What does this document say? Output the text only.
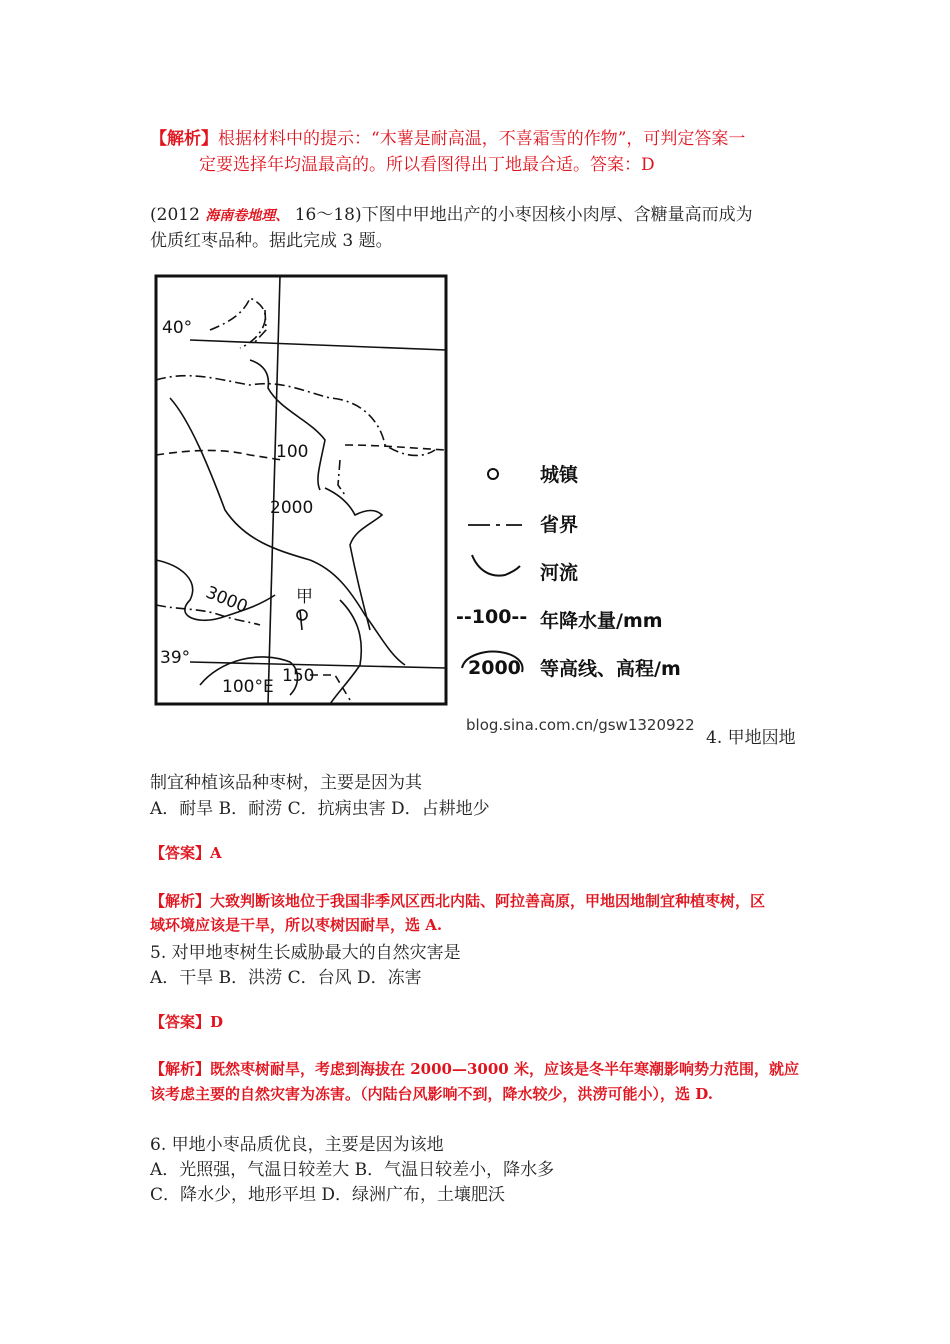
【解析】根据材料中的提示：“木薯是耐高温，不喜霜雪的作物”，可判定答案一
定要选择年均温最高的。所以看图得出丁地最合适。答案：D
(2012 海南卷地理、 16～18)下图中甲地出产的小枣因核小肉厚、含糖量高而成为
优质红枣品种。据此完成 3 题。
40°
39°
100°E
100
150
2000
3000	甲
城镇
省界
河流
--100-- 年降水量/mm
2000 等高线、高程/m
blog.sina.com.cn/gsw1320922
4. 甲地因地
制宜种植该品种枣树，主要是因为其
A．耐旱 B．耐涝 C．抗病虫害 D．占耕地少
【答案】A
【解析】大致判断该地位于我国非季风区西北内陆、阿拉善高原，甲地因地制宜种植枣树，区
域环境应该是干旱，所以枣树因耐旱，选 A.
5. 对甲地枣树生长威胁最大的自然灾害是
A．干旱 B．洪涝 C．台风 D．冻害
【答案】D
【解析】既然枣树耐旱，考虑到海拔在 2000—3000 米，应该是冬半年寒潮影响势力范围，就应
该考虑主要的自然灾害为冻害。（内陆台风影响不到，降水较少，洪涝可能小），选 D.
6. 甲地小枣品质优良，主要是因为该地
A．光照强，气温日较差大 B．气温日较差小，降水多
C．降水少，地形平坦 D．绿洲广布，土壤肥沃
